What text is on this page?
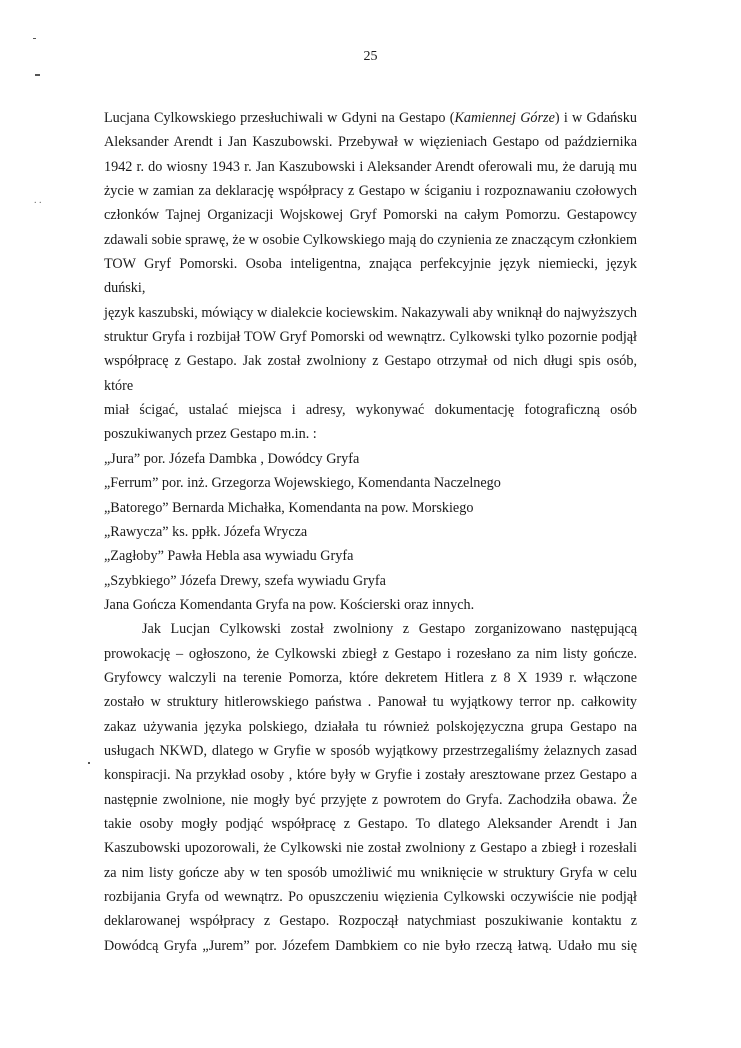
. .
25

Lucjana Cylkowskiego przesłuchiwali w Gdyni na Gestapo (Kamiennej Górze) i w Gdańsku

Aleksander Arendt i Jan Kaszubowski. Przebywał w więzieniach Gestapo od października

1942 r. do wiosny 1943 r. Jan Kaszubowski i Aleksander Arendt oferowali mu, że darują mu

życie w zamian za deklarację współpracy z Gestapo w ściganiu i rozpoznawaniu czołowych

członków Tajnej Organizacji Wojskowej Gryf Pomorski na całym Pomorzu. Gestapowcy

zdawali sobie sprawę, że w osobie Cylkowskiego mają do czynienia ze znaczącym członkiem

TOW Gryf Pomorski. Osoba inteligentna, znająca perfekcyjnie język niemiecki, język duński,

język kaszubski, mówiący w dialekcie kociewskim. Nakazywali aby wniknął do najwyższych

struktur Gryfa i rozbijał TOW Gryf Pomorski od wewnątrz. Cylkowski tylko pozornie podjął

współpracę z Gestapo. Jak został zwolniony z Gestapo otrzymał od nich długi spis osób, które

miał ścigać, ustalać miejsca i adresy, wykonywać dokumentację fotograficzną osób

poszukiwanych przez Gestapo m.in. :

„Jura” por. Józefa Dambka , Dowódcy Gryfa

„Ferrum” por. inż. Grzegorza Wojewskiego, Komendanta Naczelnego

„Batorego” Bernarda Michałka, Komendanta na pow. Morskiego

„Rawycza” ks. ppłk. Józefa Wrycza

„Zagłoby” Pawła Hebla asa wywiadu Gryfa

„Szybkiego” Józefa Drewy, szefa wywiadu Gryfa

Jana Gończa Komendanta Gryfa na pow. Kościerski oraz innych.

Jak Lucjan Cylkowski został zwolniony z Gestapo zorganizowano następującą

prowokację – ogłoszono, że Cylkowski zbiegł z Gestapo i rozesłano za nim listy gończe.

Gryfowcy walczyli na terenie Pomorza, które dekretem Hitlera z 8 X 1939 r. włączone

zostało w struktury hitlerowskiego państwa . Panował tu wyjątkowy terror np. całkowity

zakaz używania języka polskiego, działała tu również polskojęzyczna grupa Gestapo na

usługach NKWD, dlatego w Gryfie w sposób wyjątkowy przestrzegaliśmy żelaznych zasad

konspiracji. Na przykład osoby , które były w Gryfie i zostały aresztowane przez Gestapo a

następnie zwolnione, nie mogły być przyjęte z powrotem do Gryfa. Zachodziła obawa. Że

takie osoby mogły podjąć współpracę z Gestapo. To dlatego Aleksander Arendt i Jan

Kaszubowski upozorowali, że Cylkowski nie został zwolniony z Gestapo a zbiegł i rozesłali

za nim listy gończe aby w ten sposób umożliwić mu wniknięcie w struktury Gryfa w celu

rozbijania Gryfa od wewnątrz. Po opuszczeniu więzienia Cylkowski oczywiście nie podjął

deklarowanej współpracy z Gestapo. Rozpoczął natychmiast poszukiwanie kontaktu z

Dowódcą Gryfa „Jurem” por. Józefem Dambkiem co nie było rzeczą łatwą. Udało mu się
